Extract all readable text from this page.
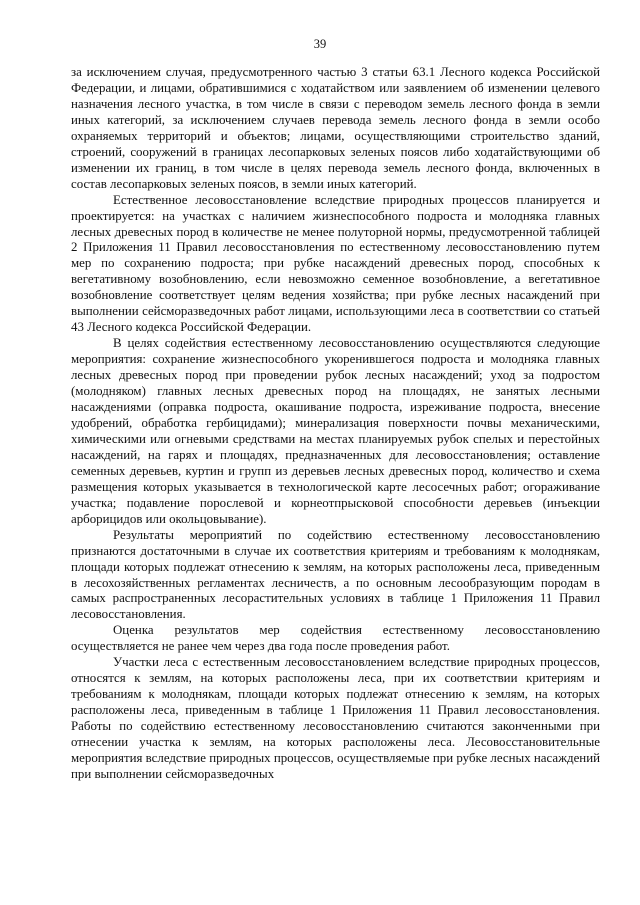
39

за исключением случая, предусмотренного частью 3 статьи 63.1 Лесного кодекса Российской Федерации, и лицами, обратившимися с ходатайством или заявлением об изменении целевого назначения лесного участка, в том числе в связи с переводом земель лесного фонда в земли иных категорий, за исключением случаев перевода земель лесного фонда в земли особо охраняемых территорий и объектов; лицами, осуществляющими строительство зданий, строений, сооружений в границах лесопарковых зеленых поясов либо ходатайствующими об изменении их границ, в том числе в целях перевода земель лесного фонда, включенных в состав лесопарковых зеленых поясов, в земли иных категорий.

Естественное лесовосстановление вследствие природных процессов планируется и проектируется: на участках с наличием жизнеспособного подроста и молодняка главных лесных древесных пород в количестве не менее полуторной нормы, предусмотренной таблицей 2 Приложения 11 Правил лесовосстановления по естественному лесовосстановлению путем мер по сохранению подроста; при рубке насаждений древесных пород, способных к вегетативному возобновлению, если невозможно семенное возобновление, а вегетативное возобновление соответствует целям ведения хозяйства; при рубке лесных насаждений при выполнении сейсморазведочных работ лицами, использующими леса в соответствии со статьей 43 Лесного кодекса Российской Федерации.

В целях содействия естественному лесовосстановлению осуществляются следующие мероприятия: сохранение жизнеспособного укоренившегося подроста и молодняка главных лесных древесных пород при проведении рубок лесных насаждений; уход за подростом (молодняком) главных лесных древесных пород на площадях, не занятых лесными насаждениями (оправка подроста, окашивание подроста, изреживание подроста, внесение удобрений, обработка гербицидами); минерализация поверхности почвы механическими, химическими или огневыми средствами на местах планируемых рубок спелых и перестойных насаждений, на гарях и площадях, предназначенных для лесовосстановления; оставление семенных деревьев, куртин и групп из деревьев лесных древесных пород, количество и схема размещения которых указывается в технологической карте лесосечных работ; огораживание участка; подавление порослевой и корнеотпрысковой способности деревьев (инъекции арборицидов или окольцовывание).

Результаты мероприятий по содействию естественному лесовосстановлению признаются достаточными в случае их соответствия критериям и требованиям к молоднякам, площади которых подлежат отнесению к землям, на которых расположены леса, приведенным в лесохозяйственных регламентах лесничеств, а по основным лесообразующим породам в самых распространенных лесорастительных условиях в таблице 1 Приложения 11 Правил лесовосстановления.

Оценка результатов мер содействия естественному лесовосстановлению осуществляется не ранее чем через два года после проведения работ.

Участки леса с естественным лесовосстановлением вследствие природных процессов, относятся к землям, на которых расположены леса, при их соответствии критериям и требованиям к молоднякам, площади которых подлежат отнесению к землям, на которых расположены леса, приведенным в таблице 1 Приложения 11 Правил лесовосстановления. Работы по содействию естественному лесовосстановлению считаются законченными при отнесении участка к землям, на которых расположены леса. Лесовосстановительные мероприятия вследствие природных процессов, осуществляемые при рубке лесных насаждений при выполнении сейсморазведочных
